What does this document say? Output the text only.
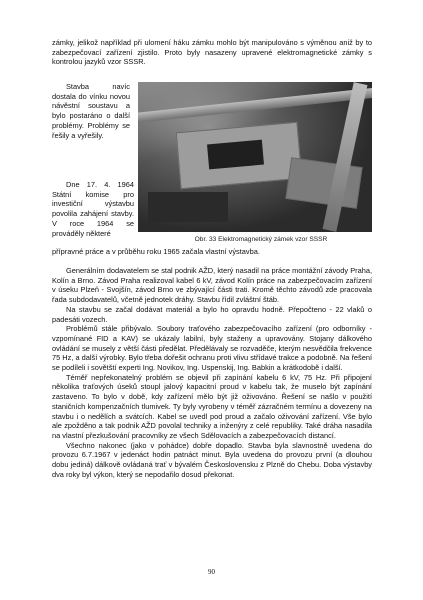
zámky, jelikož například při ulomení háku zámku mohlo být manipulováno s výměnou aniž by to zabezpečovací zařízení zjistilo. Proto byly nasazeny upravené elektromagnetické zámky s kontrolou jazyků vzor SSSR.

Stavba navíc dostala do vínku novou návěstní soustavu a bylo postaráno o další problémy. Problémy se řešily a vyřešily.

Dne 17. 4. 1964 Státní komise pro investiční výstavbu povolila zahájení stavby. V roce 1964 se prováděly některé

Obr. 33 Elektromagnetický zámek vzor SSSR

přípravné práce a v průběhu roku 1965 začala vlastní výstavba.

Generálním dodavatelem se stal podnik AŽD, který nasadil na práce montážní závody Praha, Kolín a Brno. Závod Praha realizoval kabel 6 kV, závod Kolín práce na zabezpečovacím zařízení v úseku Plzeň - Svojšín, závod Brno ve zbývající části trati. Kromě těchto závodů zde pracovala řada subdodavatelů, včetně jednotek dráhy. Stavbu řídil zvláštní štáb.

Na stavbu se začal dodávat materiál a bylo ho opravdu hodně. Přepočteno - 22 vlaků o padesáti vozech.

Problémů stále přibývalo. Soubory traťového zabezpečovacího zařízení (pro odborníky - vzpomínané FID a KAV) se ukázaly labilní, byly staženy a upravovány. Stojany dálkového ovládání se musely z větší části předělat. Předělávaly se rozvaděče, kterým nesvědčila frekvence 75 Hz, a další výrobky. Bylo třeba dořešit ochranu proti vlivu střídavé trakce a podobně. Na řešení se podíleli i sovětští experti Ing. Novikov, Ing. Uspenskij, Ing. Babkin a krátkodobě i další.

Téměř nepřekonatelný problém se objevil při zapínání kabelu 6 kV, 75 Hz. Při připojení několika traťových úseků stoupl jalový kapacitní proud v kabelu tak, že muselo být zapínání zastaveno. To bylo v době, kdy zařízení mělo být již oživováno. Řešení se našlo v použití staničních kompenzačních tlumivek. Ty byly vyrobeny v téměř zázračném termínu a dovezeny na stavbu i o nedělích a svátcích. Kabel se uvedl pod proud a začalo oživování zařízení. Vše bylo ale zpožděno a tak podnik AŽD povolal techniky a inženýry z celé republiky. Také dráha nasadila na vlastní přezkušování pracovníky ze všech Sdělovacích a zabezpečovacích distancí.

Všechno nakonec (jako v pohádce) dobře dopadlo. Stavba byla slavnostně uvedena do provozu 6.7.1967 v jedenáct hodin patnáct minut. Byla uvedena do provozu první (a dlouhou dobu jediná) dálkově ovládaná trať v bývalém Československu z Plzně do Chebu. Doba výstavby dva roky byl výkon, který se nepodařilo dosud překonat.

90
